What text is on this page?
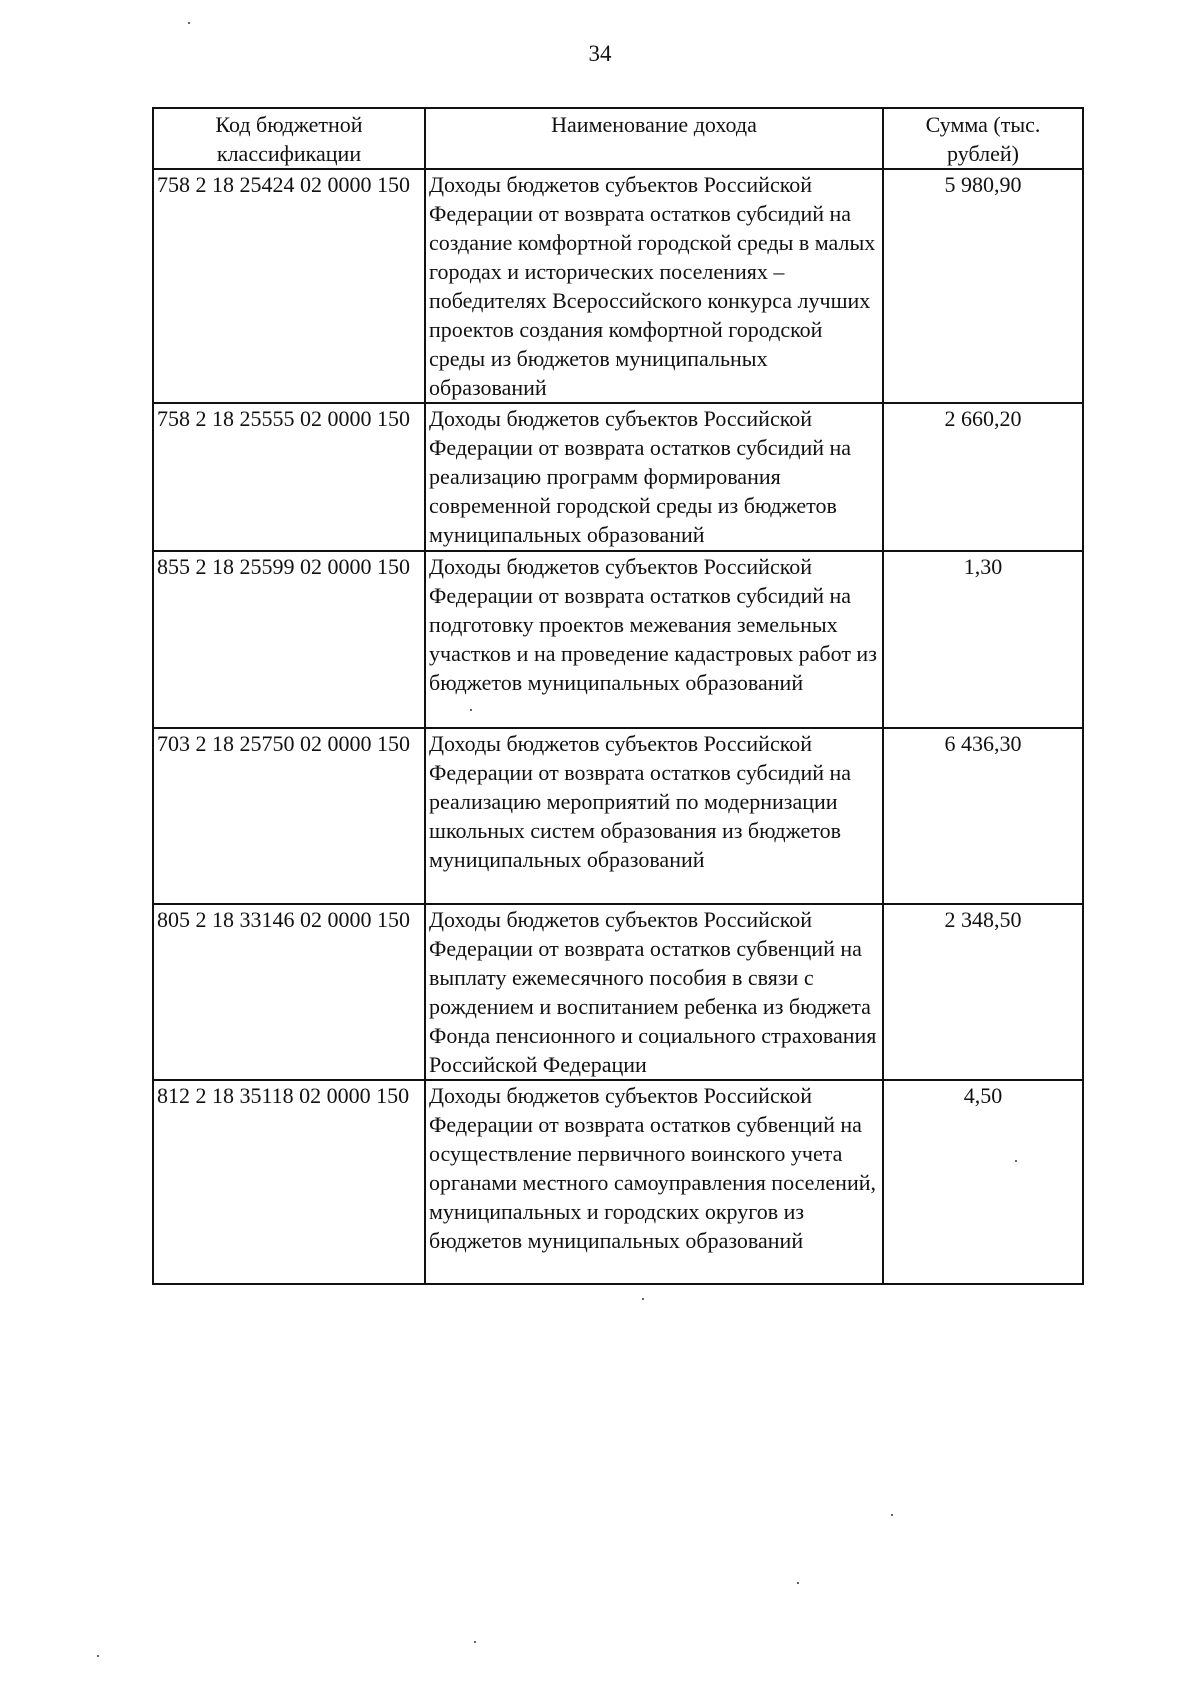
34
Код бюджетной классификации	Наименование дохода	Сумма (тыс. рублей)
758 2 18 25424 02 0000 150	Доходы бюджетов субъектов Российской Федерации от возврата остатков субсидий на создание комфортной городской среды в малых городах и исторических поселениях – победителях Всероссийского конкурса лучших проектов создания комфортной городской среды из бюджетов муниципальных образований	5 980,90
758 2 18 25555 02 0000 150	Доходы бюджетов субъектов Российской Федерации от возврата остатков субсидий на реализацию программ формирования современной городской среды из бюджетов муниципальных образований	2 660,20
855 2 18 25599 02 0000 150	Доходы бюджетов субъектов Российской Федерации от возврата остатков субсидий на подготовку проектов межевания земельных участков и на проведение кадастровых работ из бюджетов муниципальных образований	1,30
703 2 18 25750 02 0000 150	Доходы бюджетов субъектов Российской Федерации от возврата остатков субсидий на реализацию мероприятий по модернизации школьных систем образования из бюджетов муниципальных образований	6 436,30
805 2 18 33146 02 0000 150	Доходы бюджетов субъектов Российской Федерации от возврата остатков субвенций на выплату ежемесячного пособия в связи с рождением и воспитанием ребенка из бюджета Фонда пенсионного и социального страхования Российской Федерации	2 348,50
812 2 18 35118 02 0000 150	Доходы бюджетов субъектов Российской Федерации от возврата остатков субвенций на осуществление первичного воинского учета органами местного самоуправления поселений, муниципальных и городских округов из бюджетов муниципальных образований	4,50
